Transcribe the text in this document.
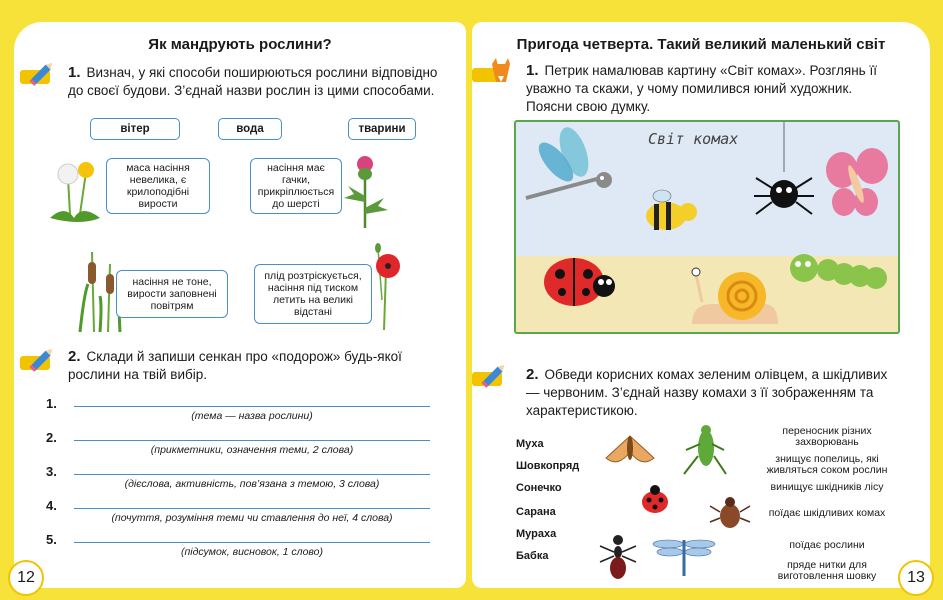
Як мандрують рослини?
1. Визнач, у які способи поширюються рослини відповідно до своєї будови. З’єднай назви рослин із цими способами.
вітер	вода	тварини
маса насіння невелика, є крилоподібні вирости
насіння має гачки, прикріплюється до шерсті
насіння не тоне, вирости заповнені повітрям
плід розтріскується, насіння під тиском летить на великі відстані
2. Склади й запиши сенкан про «подорож» будь-якої рослини на твій вибір.
1.
(тема — назва рослини)
2.
(прикметники, означення теми, 2 слова)
3.
(дієслова, активність, пов’язана з темою, 3 слова)
4.
(почуття, розуміння теми чи ставлення до неї, 4 слова)
5.
(підсумок, висновок, 1 слово)
12
Пригода четверта. Такий великий маленький світ
1. Петрик намалював картину «Світ комах». Розглянь її уважно та скажи, у чому помилився юний художник. Поясни свою думку.
Світ комах
2. Обведи корисних комах зеленим олівцем, а шкідливих — червоним. З’єднай назву комахи з її зображенням та характеристикою.
Муха
Шовкопряд
Сонечко
Сарана
Мураха
Бабка
переносник різних захворювань
знищує попелиць, які живляться соком рослин
винищує шкідників лісу
поїдає шкідливих комах
поїдає рослини
пряде нитки для виготовлення шовку	13
